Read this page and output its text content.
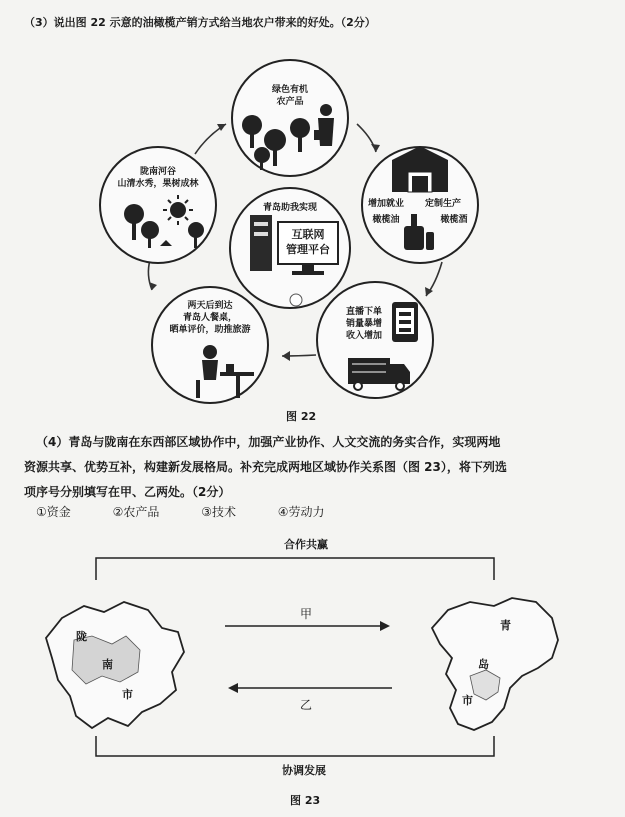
（3）说出图 22 示意的油橄榄产销方式给当地农户带来的好处。（2分）
绿色有机
农产品
青岛助我实现
互联网
管理平台
增加就业	定制生产
橄榄油	橄榄酒
直播下单
销量暴增
收入增加
两天后到达
青岛人餐桌，
晒单评价，助推旅游
陇南河谷
山清水秀，果树成林
图 22

（4）青岛与陇南在东西部区域协作中，加强产业协作、人文交流的务实合作，实现两地

资源共享、优势互补，构建新发展格局。补充完成两地区域协作关系图（图 23），将下列选

项序号分别填写在甲、乙两处。（2分）

①资金	②农产品	③技术	④劳动力
合作共赢
协调发展
甲
乙
陇
南
市
青
岛
市
图 23
